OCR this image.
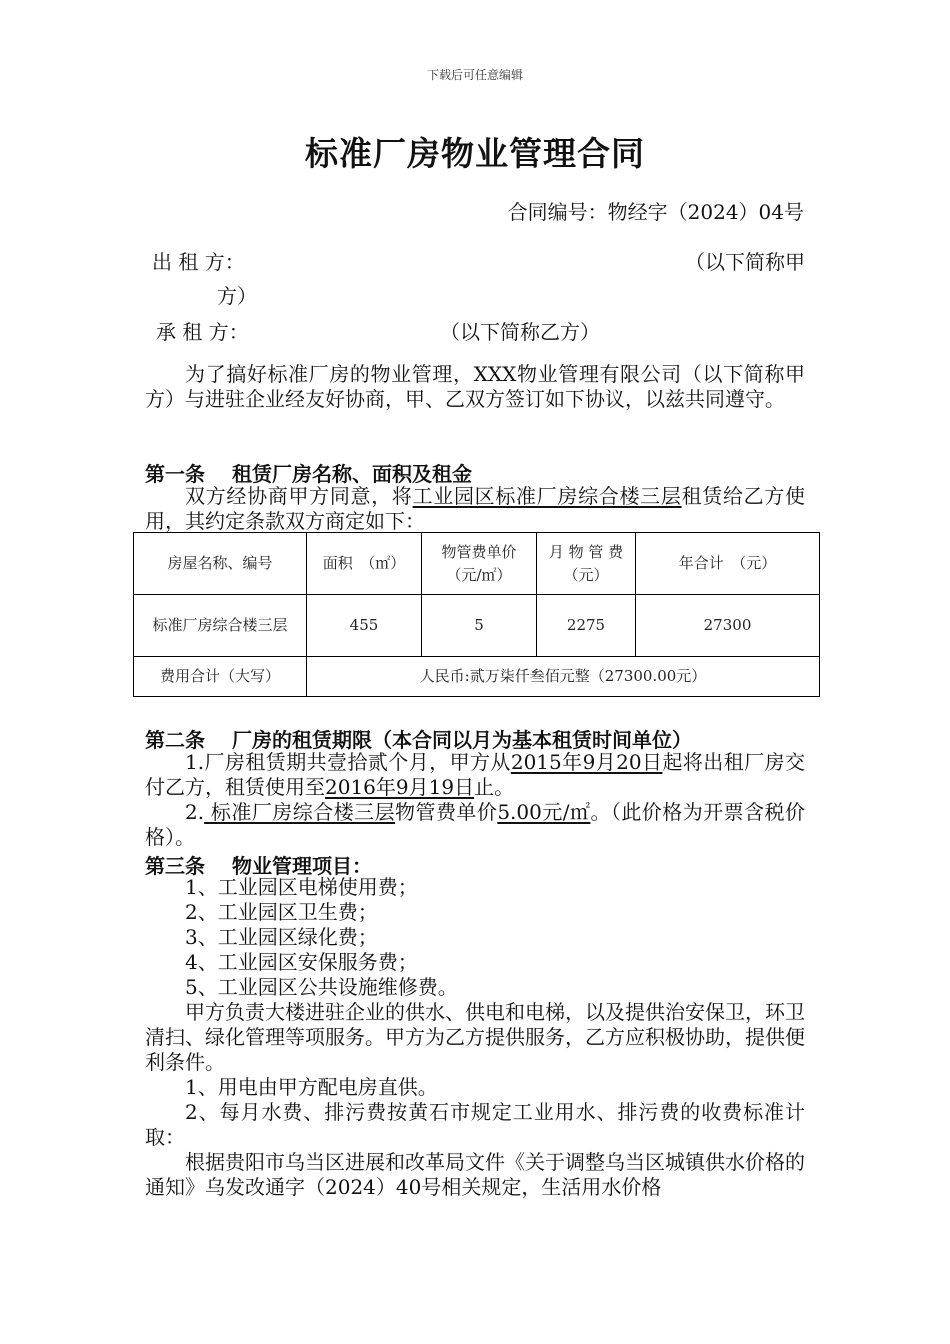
下载后可任意编辑
标准厂房物业管理合同
合同编号：物经字（2024）04号
出 租 方：	（以下简称甲
方）
承 租 方：	（以下简称乙方）
为了搞好标准厂房的物业管理，XXX物业管理有限公司（以下简称甲方）与进驻企业经友好协商，甲、乙双方签订如下协议，以兹共同遵守。
第一条　 租赁厂房名称、面积及租金
双方经协商甲方同意，将工业园区标准厂房综合楼三层租赁给乙方使用，其约定条款双方商定如下：
房屋名称、编号	面积　（㎡）	物管费单价（元/㎡）	月 物 管 费（元）	年合计　（元）
标准厂房综合楼三层	455	5	2275	27300
费用合计（大写）	人民币:贰万柒仟叁佰元整（27300.00元）			
第二条　 厂房的租赁期限（本合同以月为基本租赁时间单位）
1.厂房租赁期共壹拾贰个月，甲方从2015年9月20日起将出租厂房交付乙方，租赁使用至2016年9月19日止。
2. 标准厂房综合楼三层物管费单价5.00元/㎡。（此价格为开票含税价格）。
第三条　 物业管理项目：
1、工业园区电梯使用费；
2、工业园区卫生费；
3、工业园区绿化费；
4、工业园区安保服务费；
5、工业园区公共设施维修费。
甲方负责大楼进驻企业的供水、供电和电梯，以及提供治安保卫，环卫清扫、绿化管理等项服务。甲方为乙方提供服务，乙方应积极协助，提供便利条件。
1、用电由甲方配电房直供。
2、每月水费、排污费按黄石市规定工业用水、排污费的收费标准计取：
根据贵阳市乌当区进展和改革局文件《关于调整乌当区城镇供水价格的通知》乌发改通字（2024）40号相关规定，生活用水价格
